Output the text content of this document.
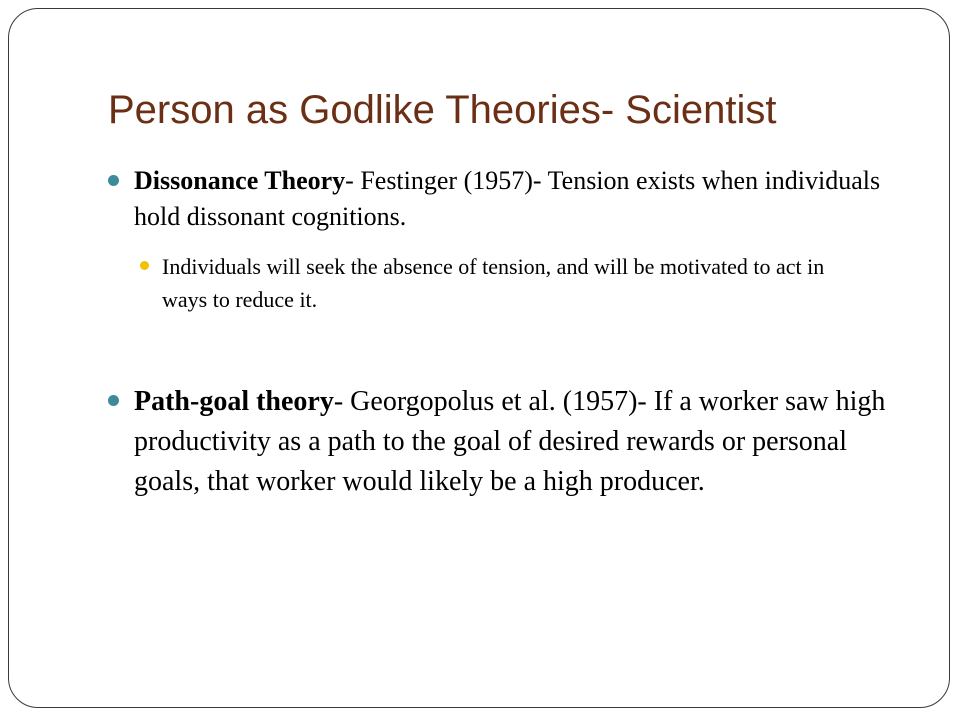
Person as Godlike Theories- Scientist
Dissonance Theory- Festinger (1957)- Tension exists when individuals hold dissonant cognitions.
Individuals will seek the absence of tension, and will be motivated to act in ways to reduce it.
Path-goal theory- Georgopolus et al. (1957)- If a worker saw high productivity as a path to the goal of desired rewards or personal goals, that worker would likely be a high producer.
